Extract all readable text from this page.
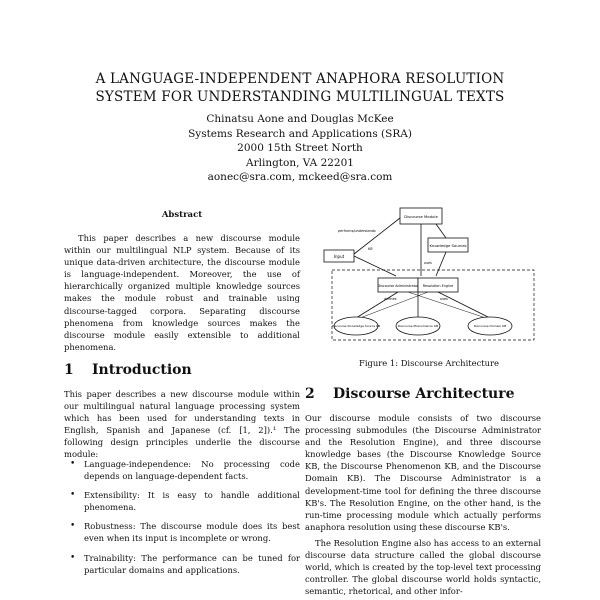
A LANGUAGE-INDEPENDENT ANAPHORA RESOLUTION
SYSTEM FOR UNDERSTANDING MULTILINGUAL TEXTS
Chinatsu Aone and Douglas McKee
Systems Research and Applications (SRA)
2000 15th Street North
Arlington, VA 22201
aonec@sra.com, mckeed@sra.com
Abstract
This paper describes a new discourse module within our multilingual NLP system. Because of its unique data-driven architecture, the discourse module is language-independent. Moreover, the use of hierarchically organized multiple knowledge sources makes the module robust and trainable using discourse-tagged corpora. Separating discourse phenomena from knowledge sources makes the discourse module easily extensible to additional phenomena.
1 Introduction
This paper describes a new discourse module within our multilingual natural language processing system which has been used for understanding texts in English, Spanish and Japanese (cf. [1, 2]).¹ The following design principles underlie the discourse module:
• Language-independence: No processing code depends on language-dependent facts.
• Extensibility: It is easy to handle additional phenomena.
• Robustness: The discourse module does its best even when its input is incomplete or wrong.
• Trainability: The performance can be tuned for particular domains and applications.
Discourse Module
Knowledge Sources
Input
performs/understands
KB
uses
Discourse Administrator Resolution Engine
defines	uses
Discourse Knowledge Source KB	Discourse Phenomenon KB	Discourse Domain KB
Figure 1: Discourse Architecture
2 Discourse Architecture
Our discourse module consists of two discourse processing submodules (the Discourse Administrator and the Resolution Engine), and three discourse knowledge bases (the Discourse Knowledge Source KB, the Discourse Phenomenon KB, and the Discourse Domain KB). The Discourse Administrator is a development-time tool for defining the three discourse KB's. The Resolution Engine, on the other hand, is the run-time processing module which actually performs anaphora resolution using these discourse KB's.
The Resolution Engine also has access to an external discourse data structure called the global discourse world, which is created by the top-level text processing controller. The global discourse world holds syntactic, semantic, rhetorical, and other infor-
